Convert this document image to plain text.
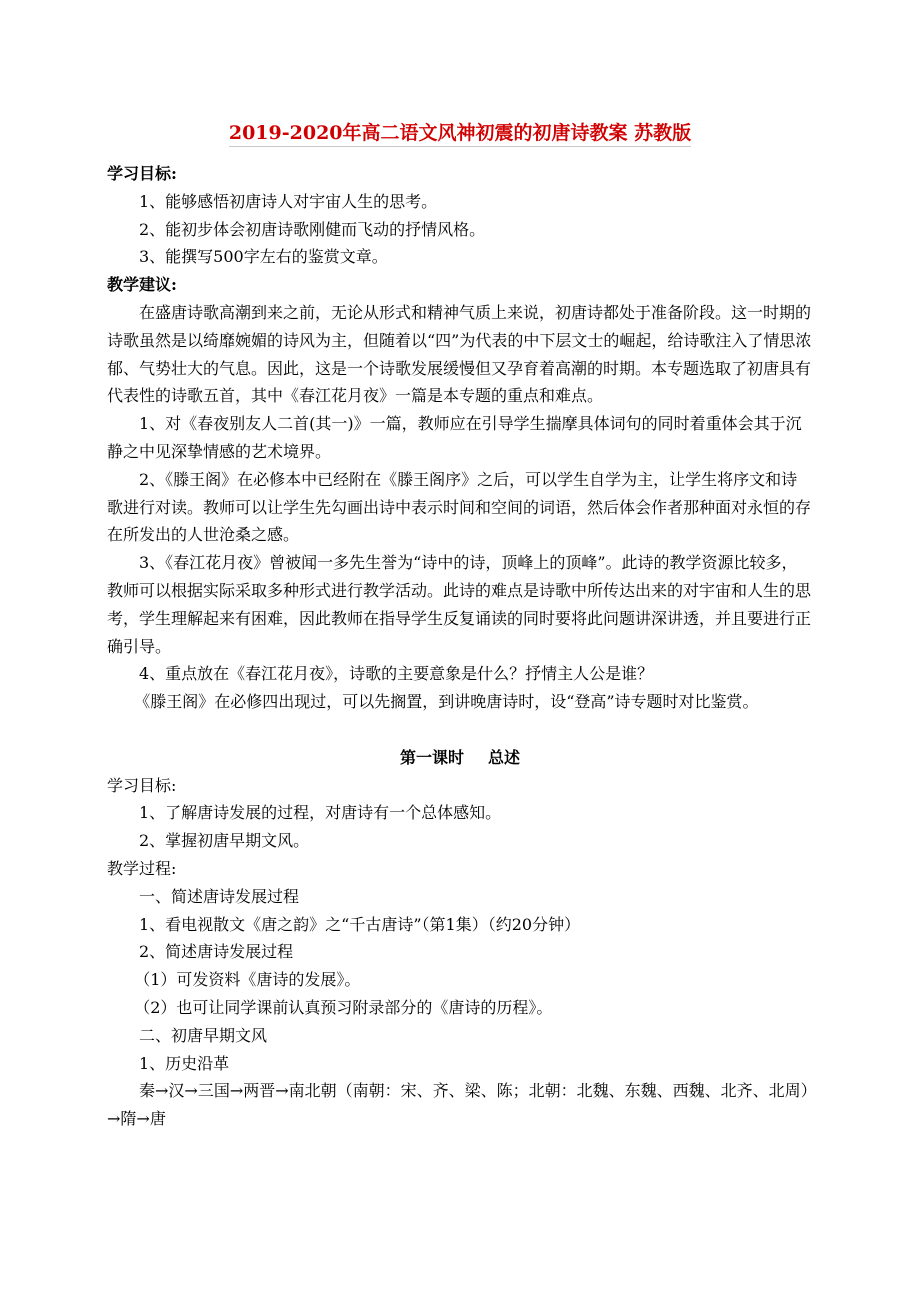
2019-2020年高二语文风神初震的初唐诗教案 苏教版

学习目标:

1、能够感悟初唐诗人对宇宙人生的思考。

2、能初步体会初唐诗歌刚健而飞动的抒情风格。

3、能撰写500字左右的鉴赏文章。

教学建议:

在盛唐诗歌高潮到来之前，无论从形式和精神气质上来说，初唐诗都处于准备阶段。这一时期的诗歌虽然是以绮靡婉媚的诗风为主，但随着以“四”为代表的中下层文士的崛起，给诗歌注入了情思浓郁、气势壮大的气息。因此，这是一个诗歌发展缓慢但又孕育着高潮的时期。本专题选取了初唐具有代表性的诗歌五首，其中《春江花月夜》一篇是本专题的重点和难点。

1、对《春夜别友人二首(其一)》一篇，教师应在引导学生揣摩具体词句的同时着重体会其于沉静之中见深挚情感的艺术境界。

2、《滕王阁》在必修本中已经附在《滕王阁序》之后，可以学生自学为主，让学生将序文和诗歌进行对读。教师可以让学生先勾画出诗中表示时间和空间的词语，然后体会作者那种面对永恒的存在所发出的人世沧桑之感。

3、《春江花月夜》曾被闻一多先生誉为“诗中的诗，顶峰上的顶峰”。此诗的教学资源比较多，教师可以根据实际采取多种形式进行教学活动。此诗的难点是诗歌中所传达出来的对宇宙和人生的思考，学生理解起来有困难，因此教师在指导学生反复诵读的同时要将此问题讲深讲透，并且要进行正确引导。

4、重点放在《春江花月夜》，诗歌的主要意象是什么？抒情主人公是谁？

《滕王阁》在必修四出现过，可以先搁置，到讲晚唐诗时，设“登高”诗专题时对比鉴赏。

第一课时 总述

学习目标:

1、了解唐诗发展的过程，对唐诗有一个总体感知。

2、掌握初唐早期文风。

教学过程:

一、简述唐诗发展过程

1、看电视散文《唐之韵》之“千古唐诗”（第1集）（约20分钟）

2、简述唐诗发展过程

（1）可发资料《唐诗的发展》。

（2）也可让同学课前认真预习附录部分的《唐诗的历程》。

二、初唐早期文风

1、历史沿革

秦→汉→三国→两晋→南北朝（南朝：宋、齐、梁、陈；北朝：北魏、东魏、西魏、北齐、北周）→隋→唐
